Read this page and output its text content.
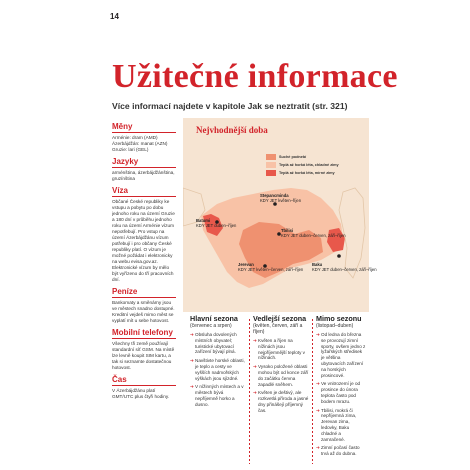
14
Užitečné informace
Více informací najdete v kapitole Jak se neztratit (str. 321)
Měny
Arménie: dram (AMD) Ázerbájdžán: manat (AZN) Gruzie: lari (GEL)
Jazyky
arménština, ázerbájdžánština, gruzínština
Víza
Občané České republiky ke vstupu a pobytu po dobu jednoho roku na území Gruzie a 180 dní v průběhu jednoho roku na území Arménie vízum nepotřebují. Pro vstup na území Ázerbájdžánu vízum potřebují i pro občany České republiky platí. O vízum je možné požádat i elektronicky na webu evisa.gov.az. Elektronické vízum by mělo být vyřízeno do tří pracovních dní.
Peníze
Bankomaty a směnárny jsou ve městech snadno dostupné. Kreditní vejdeš mimo měst se vyplatí mít u sebe hotovost.
Mobilní telefony
Všechny tři země používají standardní síť GSM. Na místě lze levně koupit SIM kartu, a tak si seznamte dostatečnou hotovost.
Čas
V Ázerbájdžánu platí GMT/UTC plus čtyři hodiny.
Nejvhodnější doba
Suché podnebí
Teplá až horká léta, chladné zimy
Teplá až horká léta, mírné zimy
Stepancminda
KDY JET květen–říjen
Batumi
KDY JET duben–říjen
Tbilisi
KDY JET duben–červen, září–říjen
Jerevan
KDY JET květen–červen, září–říjen
Baku
KDY JET duben–červen, září–říjen
Hlavní sezona
(červenec a srpen)
➔ Obsluha dovolených místních obyvatel; turistické ubytovací zařízení bývají plná.
➔ Navštivte horské oblasti, je teplo a cesty ve vyšších nadmořských výškách jsou sjízdné.
➔ V nížinných místech a v městech bývá nepříjemně horko a dusno.
Vedlejší sezona
(květen, červen, září a říjen)
➔ Květen a říjen na nížinách jsou nejpříjemnější teploty v nížinách.
➔ Vysoko položené oblasti mohou být od konce září do začátku června zapadlé sněhem.
➔ Květen je deštivý, ale rozkvetlá příroda a jasné dny přinášejí příjemný čas.
Mimo sezonu
(listopad–duben)
➔ Od ledna do března se provozují zimní sporty, ovšem jedno z lyžařských středisek je většina ubytovacích zařízení na horských prosincové.
➔ Ve vnitrozemí je od prosince do února teplota často pod bodem mrazu.
➔ Tbilisi, mokrá či nepříjemná zima, Jerevan zima, ledovky, Baku chladné a zamračené.
➔ Zimní počasí často trvá až do dubna.
